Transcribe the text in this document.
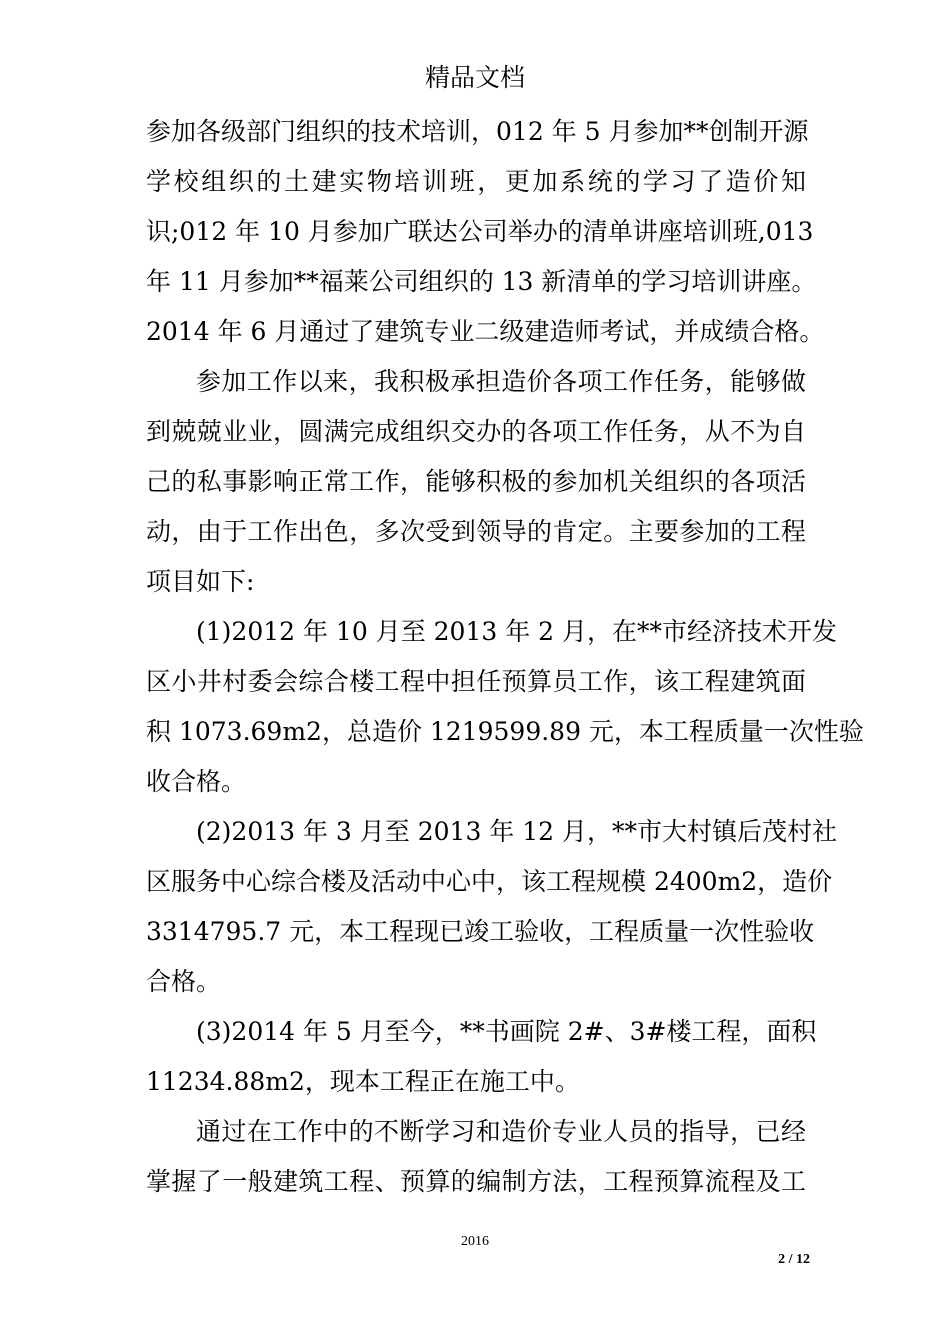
精品文档
参加各级部门组织的技术培训，012 年 5 月参加**创制开源
学校组织的土建实物培训班，更加系统的学习了造价知
识;012 年 10 月参加广联达公司举办的清单讲座培训班,013
年 11 月参加**福莱公司组织的 13 新清单的学习培训讲座。
2014 年 6 月通过了建筑专业二级建造师考试，并成绩合格。
参加工作以来，我积极承担造价各项工作任务，能够做
到兢兢业业，圆满完成组织交办的各项工作任务，从不为自
己的私事影响正常工作，能够积极的参加机关组织的各项活
动，由于工作出色，多次受到领导的肯定。主要参加的工程
项目如下:
(1)2012 年 10 月至 2013 年 2 月，在**市经济技术开发
区小井村委会综合楼工程中担任预算员工作，该工程建筑面
积 1073.69m2，总造价 1219599.89 元，本工程质量一次性验
收合格。
(2)2013 年 3 月至 2013 年 12 月，**市大村镇后茂村社
区服务中心综合楼及活动中心中，该工程规模 2400m2，造价
3314795.7 元，本工程现已竣工验收，工程质量一次性验收
合格。
(3)2014 年 5 月至今，**书画院 2#、3#楼工程，面积
11234.88m2，现本工程正在施工中。
通过在工作中的不断学习和造价专业人员的指导，已经
掌握了一般建筑工程、预算的编制方法，工程预算流程及工
2016
2 / 12
